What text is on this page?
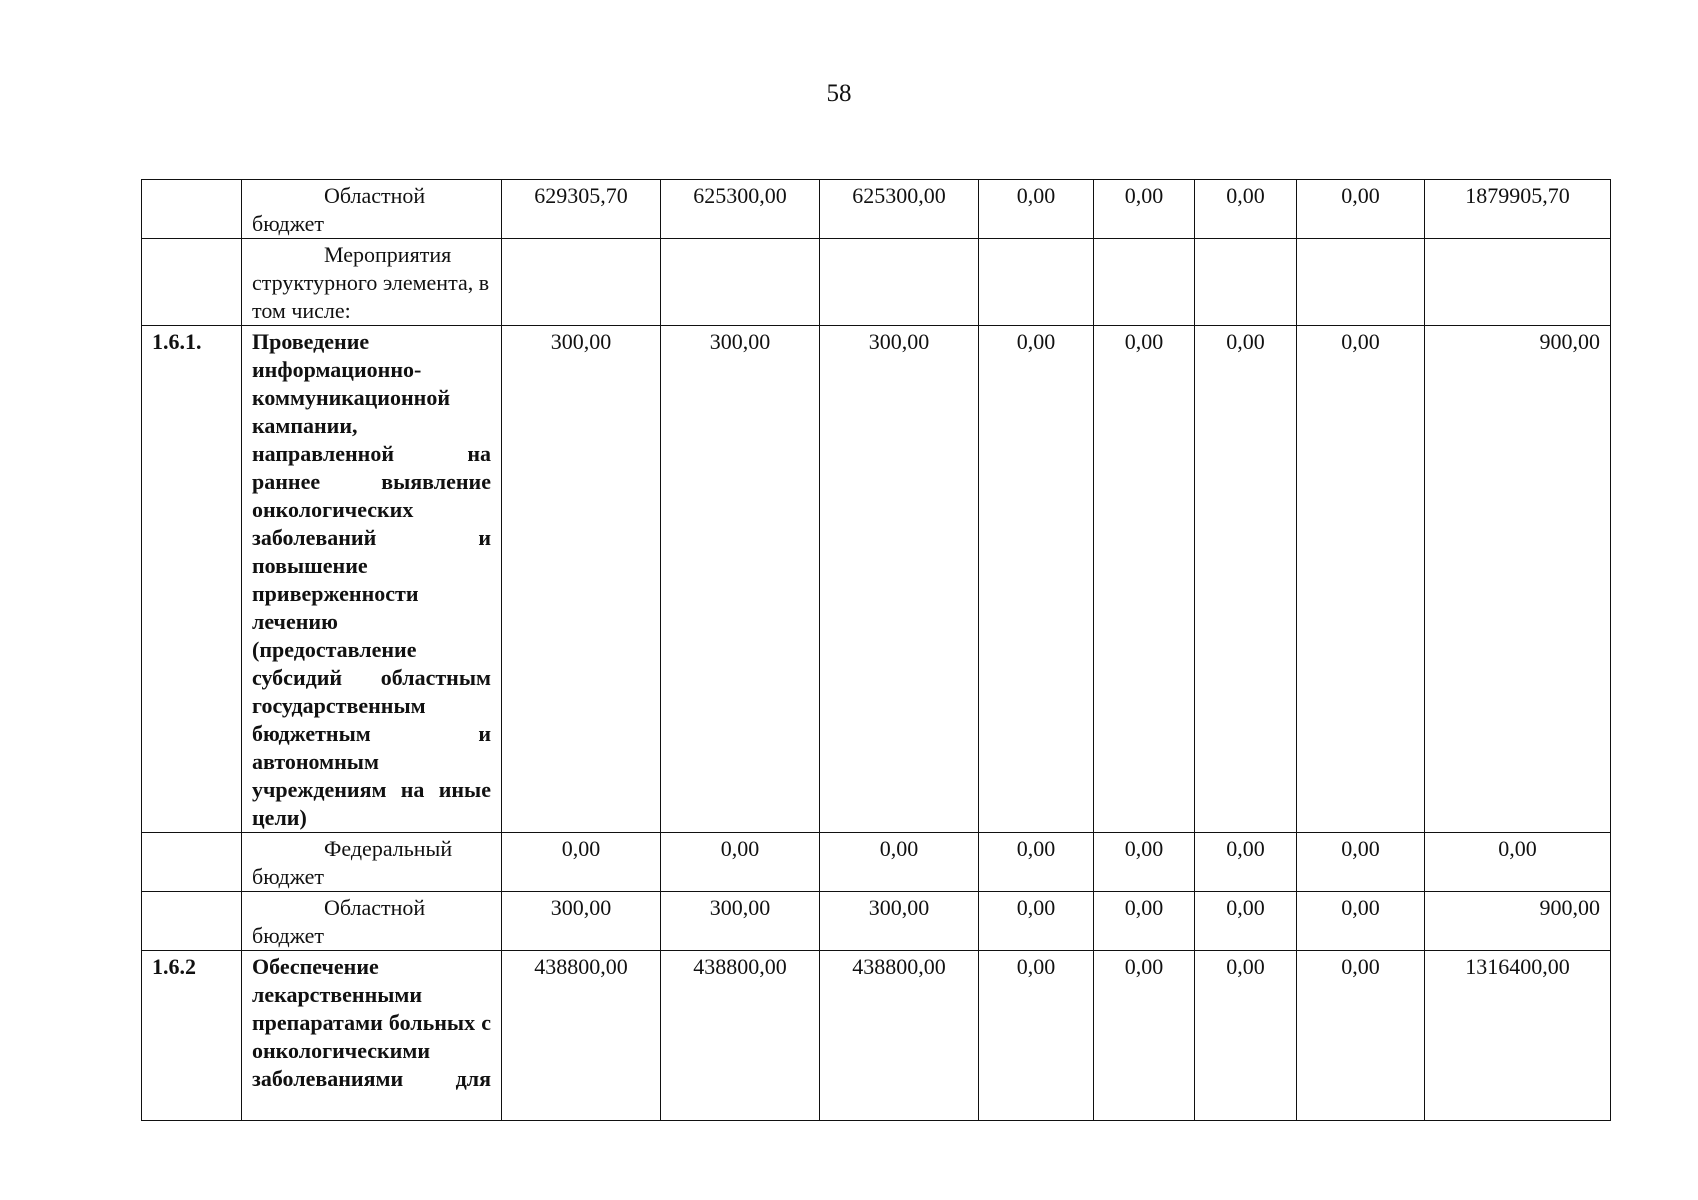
58
	Областной бюджет	629305,70	625300,00	625300,00	0,00	0,00	0,00	0,00	1879905,70
	Мероприятия структурного элемента, в том числе:								
1.6.1.	Проведение информационно-коммуникационной кампании, направленной на раннее выявление онкологических заболеваний и повышение приверженности лечению (предоставление субсидий областным государственным бюджетным и автономным учреждениям на иные цели)	300,00	300,00	300,00	0,00	0,00	0,00	0,00	900,00
	Федеральный бюджет	0,00	0,00	0,00	0,00	0,00	0,00	0,00	0,00
	Областной бюджет	300,00	300,00	300,00	0,00	0,00	0,00	0,00	900,00
1.6.2	Обеспечение лекарственными препаратами больных с онкологическими заболеваниями для	438800,00	438800,00	438800,00	0,00	0,00	0,00	0,00	1316400,00
